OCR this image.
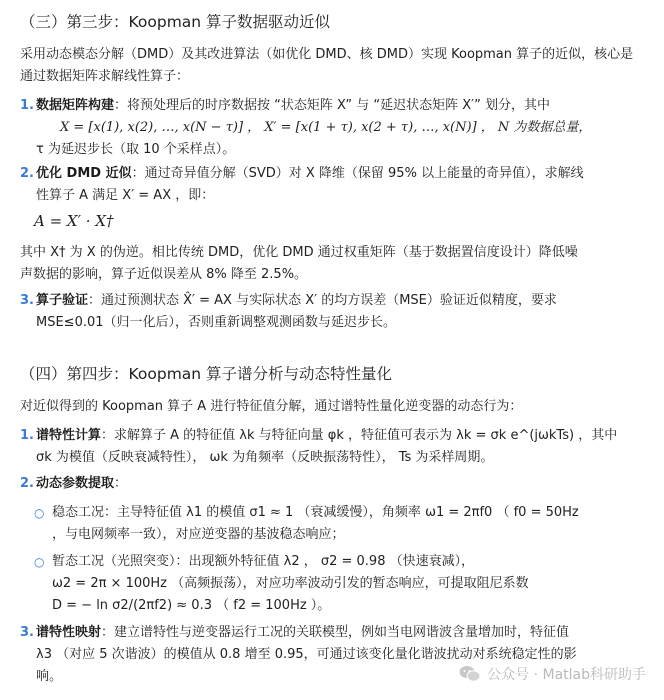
（三）第三步：Koopman 算子数据驱动近似
采用动态模态分解（DMD）及其改进算法（如优化 DMD、核 DMD）实现 Koopman 算子的近似，核心是通过数据矩阵求解线性算子：
1. 数据矩阵构建：将预处理后的时序数据按 “状态矩阵 X” 与 “延迟状态矩阵 X′” 划分，其中
X = [x(1), x(2), …, x(N − τ)] ， X′ = [x(1 + τ), x(2 + τ), …, x(N)] ， N 为数据总量，
τ 为延迟步长（取 10 个采样点）。
2. 优化 DMD 近似：通过奇异值分解（SVD）对 X 降维（保留 95% 以上能量的奇异值），求解线
性算子 A 满足 X′ = AX ，即：
A = X′ · X†
其中 X† 为 X 的伪逆。相比传统 DMD，优化 DMD 通过权重矩阵（基于数据置信度设计）降低噪
声数据的影响，算子近似误差从 8% 降至 2.5%。
3. 算子验证：通过预测状态 X̂′ = AX 与实际状态 X′ 的均方误差（MSE）验证近似精度，要求
MSE≤0.01（归一化后），否则重新调整观测函数与延迟步长。
（四）第四步：Koopman 算子谱分析与动态特性量化
对近似得到的 Koopman 算子 A 进行特征值分解，通过谱特性量化逆变器的动态行为：
1. 谱特性计算：求解算子 A 的特征值 λk 与特征向量 φk ，特征值可表示为 λk = σk e^(jωkTs) ，其中
σk 为模值（反映衰减特性）， ωk 为角频率（反映振荡特性）， Ts 为采样周期。
2. 动态参数提取：
○ 稳态工况：主导特征值 λ1 的模值 σ1 ≈ 1 （衰减缓慢），角频率 ω1 = 2πf0 （ f0 = 50Hz
，与电网频率一致），对应逆变器的基波稳态响应；
○ 暂态工况（光照突变）：出现额外特征值 λ2 ， σ2 = 0.98 （快速衰减），
ω2 = 2π × 100Hz （高频振荡），对应功率波动引发的暂态响应，可提取阻尼系数
D = − ln σ2/(2πf2) ≈ 0.3 （ f2 = 100Hz ）。
3. 谱特性映射：建立谱特性与逆变器运行工况的关联模型，例如当电网谐波含量增加时，特征值
λ3 （对应 5 次谐波）的模值从 0.8 增至 0.95，可通过该变化量化谐波扰动对系统稳定性的影
响。	公众号 · Matlab科研助手
